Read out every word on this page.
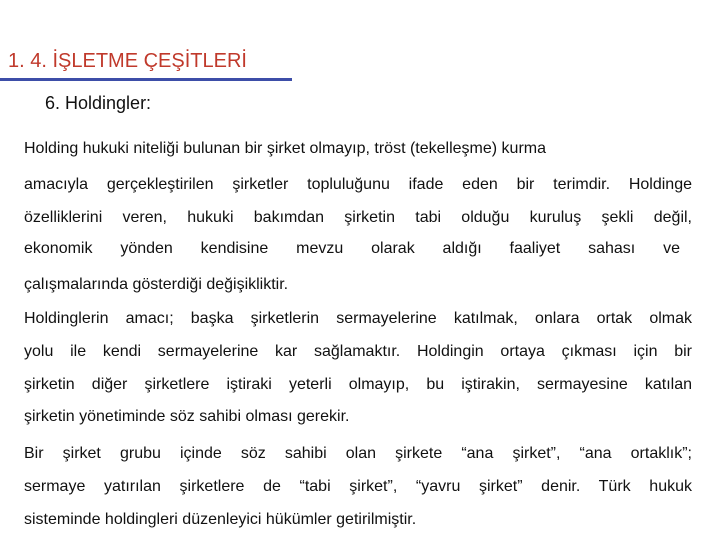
1. 4. İŞLETME ÇEŞİTLERİ
6. Holdingler:
Holding hukuki niteliği bulunan bir şirket olmayıp, tröst (tekelleşme) kurma
amacıyla gerçekleştirilen şirketler topluluğunu ifade eden bir terimdir. Holdinge
özelliklerini veren, hukuki bakımdan şirketin tabi olduğu kuruluş şekli değil,
ekonomik yönden kendisine mevzu olarak aldığı faaliyet sahası ve
çalışmalarında gösterdiği değişikliktir.
Holdinglerin amacı; başka şirketlerin sermayelerine katılmak, onlara ortak olmak
yolu ile kendi sermayelerine kar sağlamaktır. Holdingin ortaya çıkması için bir
şirketin diğer şirketlere iştiraki yeterli olmayıp, bu iştirakin, sermayesine katılan
şirketin yönetiminde söz sahibi olması gerekir.
Bir şirket grubu içinde söz sahibi olan şirkete “ana şirket”, “ana ortaklık”;
sermaye yatırılan şirketlere de “tabi şirket”, “yavru şirket” denir. Türk hukuk
sisteminde holdingleri düzenleyici hükümler getirilmiştir.
